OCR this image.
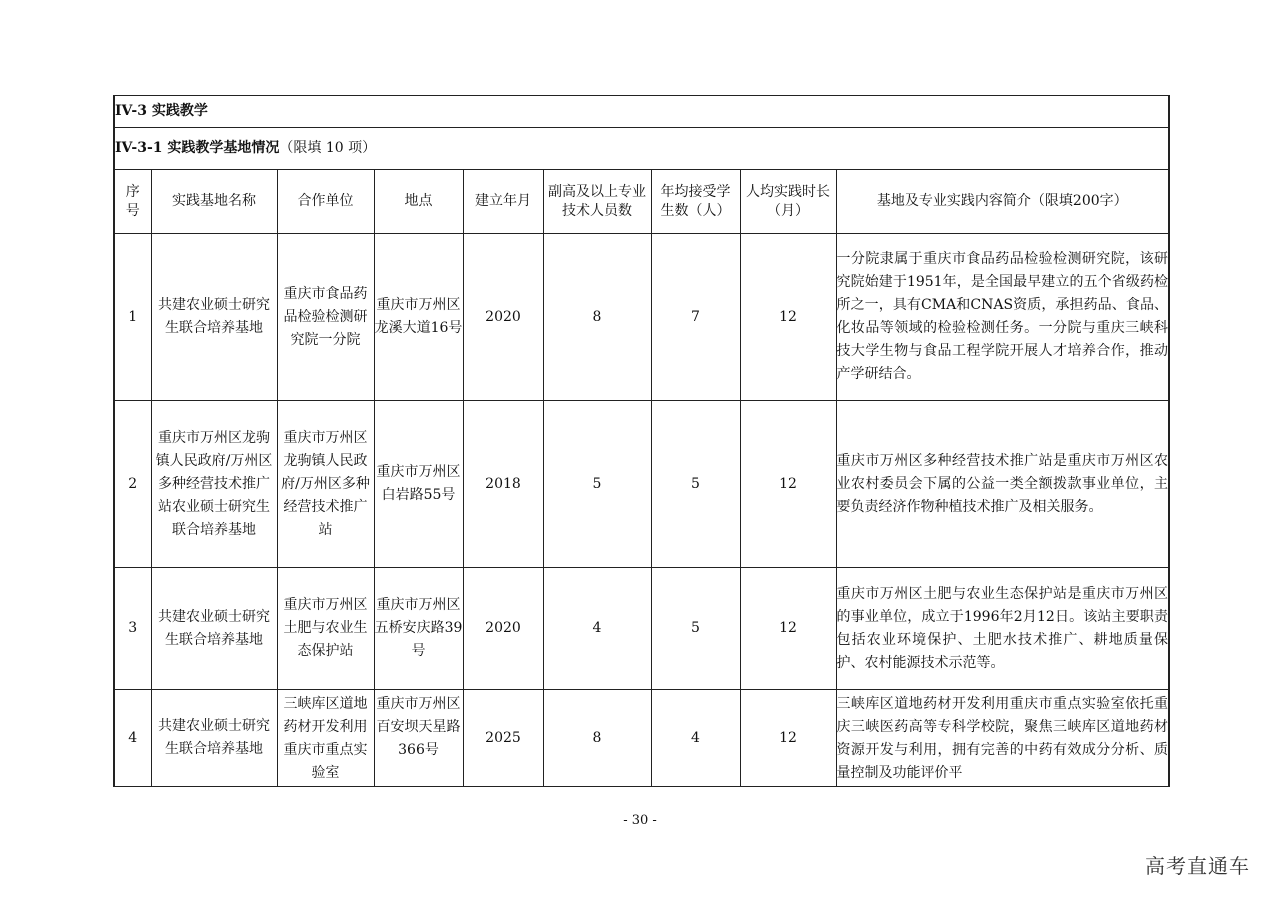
IV-3 实践教学								
IV-3-1 实践教学基地情况（限填 10 项）								
序号	实践基地名称	合作单位	地点	建立年月	副高及以上专业技术人员数	年均接受学生数（人）	人均实践时长（月）	基地及专业实践内容简介（限填200字）
1	共建农业硕士研究生联合培养基地	重庆市食品药品检验检测研究院一分院	重庆市万州区龙溪大道16号	2020	8	7	12	一分院隶属于重庆市食品药品检验检测研究院，该研究院始建于1951年，是全国最早建立的五个省级药检所之一，具有CMA和CNAS资质，承担药品、食品、化妆品等领域的检验检测任务。一分院与重庆三峡科技大学生物与食品工程学院开展人才培养合作，推动产学研结合。
2	重庆市万州区龙驹镇人民政府/万州区多种经营技术推广站农业硕士研究生联合培养基地	重庆市万州区龙驹镇人民政府/万州区多种经营技术推广站	重庆市万州区白岩路55号	2018	5	5	12	重庆市万州区多种经营技术推广站是重庆市万州区农业农村委员会下属的公益一类全额拨款事业单位，主要负责经济作物种植技术推广及相关服务。
3	共建农业硕士研究生联合培养基地	重庆市万州区土肥与农业生态保护站	重庆市万州区五桥安庆路39号	2020	4	5	12	重庆市万州区土肥与农业生态保护站是重庆市万州区的事业单位，成立于1996年2月12日。该站主要职责包括农业环境保护、土肥水技术推广、耕地质量保护、农村能源技术示范等。
4	共建农业硕士研究生联合培养基地	三峡库区道地药材开发利用重庆市重点实验室	重庆市万州区百安坝天星路366号	2025	8	4	12	三峡库区道地药材开发利用重庆市重点实验室依托重庆三峡医药高等专科学校院，聚焦三峡库区道地药材资源开发与利用，拥有完善的中药有效成分分析、质量控制及功能评价平
- 30 -
高考直通车
